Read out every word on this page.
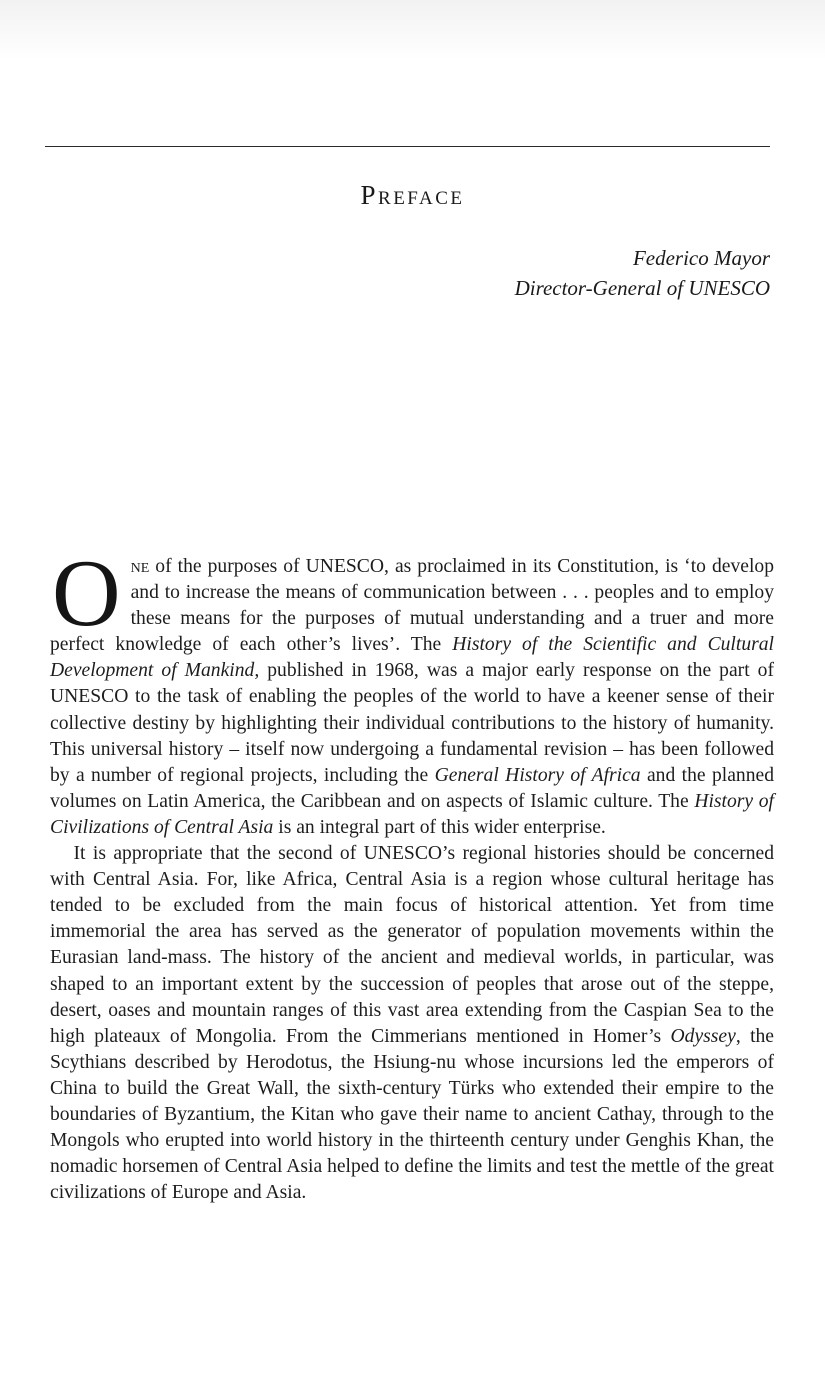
Preface
Federico Mayor
Director-General of UNESCO

One of the purposes of UNESCO, as proclaimed in its Constitution, is ‘to develop and to increase the means of communication between . . . peoples and to employ these means for the purposes of mutual understanding and a truer and more perfect knowledge of each other’s lives’. The History of the Scientific and Cultural Development of Mankind, published in 1968, was a major early response on the part of UNESCO to the task of enabling the peoples of the world to have a keener sense of their collective destiny by highlighting their individual contributions to the history of humanity. This universal history – itself now undergoing a fundamental revision – has been followed by a number of regional projects, including the General History of Africa and the planned volumes on Latin America, the Caribbean and on aspects of Islamic culture. The History of Civilizations of Central Asia is an integral part of this wider enterprise.

It is appropriate that the second of UNESCO’s regional histories should be concerned with Central Asia. For, like Africa, Central Asia is a region whose cultural heritage has tended to be excluded from the main focus of historical attention. Yet from time immemorial the area has served as the generator of population movements within the Eurasian land-mass. The history of the ancient and medieval worlds, in particular, was shaped to an important extent by the succession of peoples that arose out of the steppe, desert, oases and mountain ranges of this vast area extending from the Caspian Sea to the high plateaux of Mongolia. From the Cimmerians mentioned in Homer’s Odyssey, the Scythians described by Herodotus, the Hsiung-nu whose incursions led the emperors of China to build the Great Wall, the sixth-century Türks who extended their empire to the boundaries of Byzantium, the Kitan who gave their name to ancient Cathay, through to the Mongols who erupted into world history in the thirteenth century under Genghis Khan, the nomadic horsemen of Central Asia helped to define the limits and test the mettle of the great civilizations of Europe and Asia.
